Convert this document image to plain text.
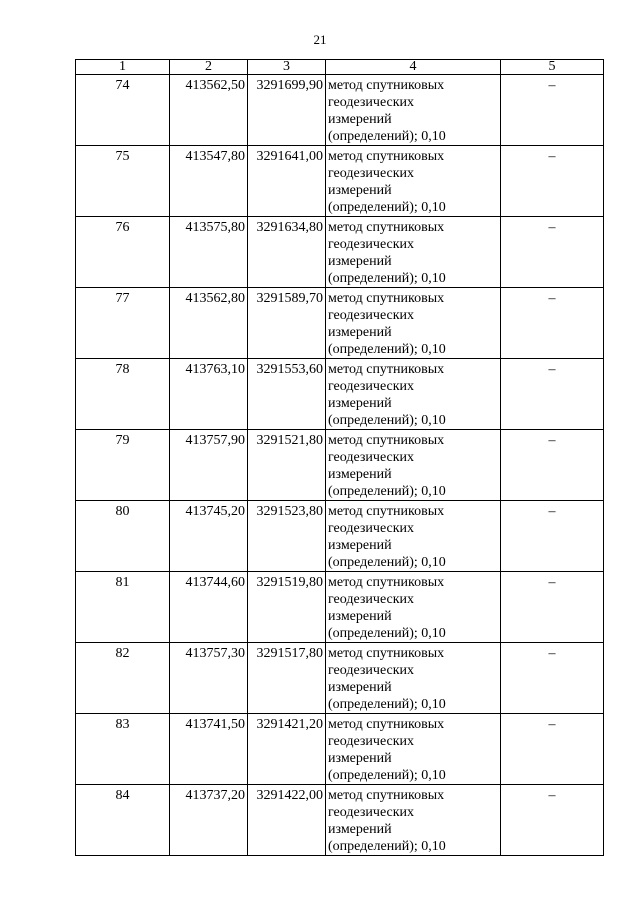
21
1	2	3	4	5
74	413562,50	3291699,90	метод спутниковых
геодезических
измерений
(определений); 0,10	–
75	413547,80	3291641,00	метод спутниковых
геодезических
измерений
(определений); 0,10	–
76	413575,80	3291634,80	метод спутниковых
геодезических
измерений
(определений); 0,10	–
77	413562,80	3291589,70	метод спутниковых
геодезических
измерений
(определений); 0,10	–
78	413763,10	3291553,60	метод спутниковых
геодезических
измерений
(определений); 0,10	–
79	413757,90	3291521,80	метод спутниковых
геодезических
измерений
(определений); 0,10	–
80	413745,20	3291523,80	метод спутниковых
геодезических
измерений
(определений); 0,10	–
81	413744,60	3291519,80	метод спутниковых
геодезических
измерений
(определений); 0,10	–
82	413757,30	3291517,80	метод спутниковых
геодезических
измерений
(определений); 0,10	–
83	413741,50	3291421,20	метод спутниковых
геодезических
измерений
(определений); 0,10	–
84	413737,20	3291422,00	метод спутниковых
геодезических
измерений
(определений); 0,10	–
